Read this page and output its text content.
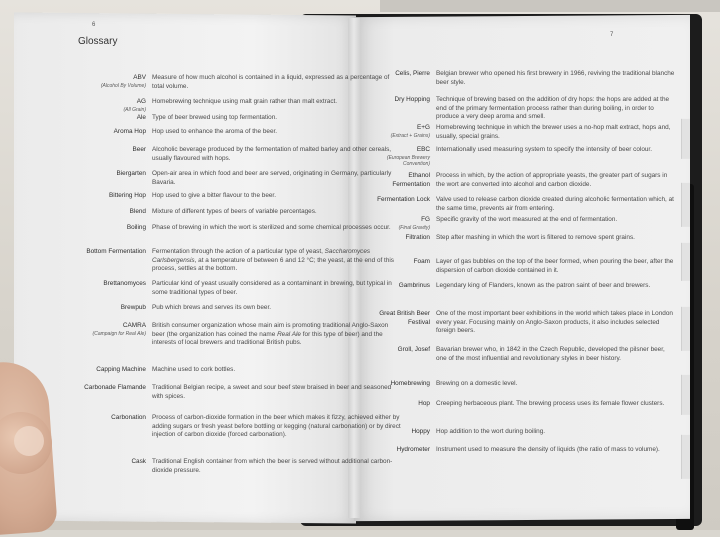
6
7
Glossary
ABV
(Alcohol By Volume)
Measure of how much alcohol is contained in a liquid, expressed as a percentage of total volume.
AG
(All Grain)
Homebrewing technique using malt grain rather than malt extract.
Ale Type of beer brewed using top fermentation.
Aroma Hop Hop used to enhance the aroma of the beer.
Beer Alcoholic beverage produced by the fermentation of malted barley and other cereals, usually flavoured with hops.
Biergarten Open-air area in which food and beer are served, originating in Germany, particularly Bavaria.
Bittering Hop Hop used to give a bitter flavour to the beer.
Blend Mixture of different types of beers of variable percentages.
Boiling Phase of brewing in which the wort is sterilized and some chemical processes occur.
Bottom Fermentation Fermentation through the action of a particular type of yeast, Saccharomyces Carlsbergensis, at a temperature of between 6 and 12 °C; the yeast, at the end of this process, settles at the bottom.
Brettanomyces Particular kind of yeast usually considered as a contaminant in brewing, but typical in some traditional types of beer.
Brewpub Pub which brews and serves its own beer.
CAMRA
(Campaign for Real Ale)
British consumer organization whose main aim is promoting traditional Anglo-Saxon beer (the organization has coined the name Real Ale for this type of beer) and the interests of local brewers and traditional British pubs.
Capping Machine Machine used to cork bottles.
Carbonade Flamande Traditional Belgian recipe, a sweet and sour beef stew braised in beer and seasoned with spices.
Carbonation Process of carbon-dioxide formation in the beer which makes it fizzy, achieved either by adding sugars or fresh yeast before bottling or kegging (natural carbonation) or by direct injection of carbon dioxide (forced carbonation).
Cask Traditional English container from which the beer is served without additional carbon-dioxide pressure.
Celis, Pierre Belgian brewer who opened his first brewery in 1966, reviving the traditional blanche beer style.
Dry Hopping Technique of brewing based on the addition of dry hops: the hops are added at the end of the primary fermentation process rather than during boiling, in order to produce a very deep aroma and smell.
E+G
(Extract + Grains)
Homebrewing technique in which the brewer uses a no-hop malt extract, hops and, usually, special grains.
EBC
(European Brewery Convention)
Internationally used measuring system to specify the intensity of beer colour.
Ethanol Fermentation
Process in which, by the action of appropriate yeasts, the greater part of sugars in the wort are converted into alcohol and carbon dioxide.
Fermentation Lock Valve used to release carbon dioxide created during alcoholic fermentation which, at the same time, prevents air from entering.
FG
(Final Gravity)
Specific gravity of the wort measured at the end of fermentation.
Filtration Step after mashing in which the wort is filtered to remove spent grains.
Foam Layer of gas bubbles on the top of the beer formed, when pouring the beer, after the dispersion of carbon dioxide contained in it.
Gambrinus Legendary king of Flanders, known as the patron saint of beer and brewers.
Great British Beer Festival
One of the most important beer exhibitions in the world which takes place in London every year. Focusing mainly on Anglo-Saxon products, it also includes selected foreign beers.
Groll, Josef Bavarian brewer who, in 1842 in the Czech Republic, developed the pilsner beer, one of the most influential and revolutionary styles in beer history.
Homebrewing Brewing on a domestic level.
Hop Creeping herbaceous plant. The brewing process uses its female flower clusters.
Hoppy Hop addition to the wort during boiling.
Hydrometer Instrument used to measure the density of liquids (the ratio of mass to volume).
